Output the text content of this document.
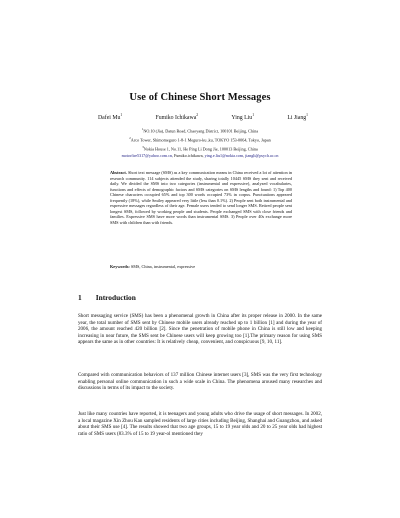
Use of Chinese Short Messages
Dafei Mu$^1$	Fumiko Ichikawa$^2$	Ying Liu$^1$	Li Jiang$^1$
$^1$NO.10 (Jia), Datun Road, Chaoyang District, 100101 Beijing, China
$^2$Arco Tower, Shimomeguro 1-8-1 Meguro-ku ,ku, TOKYO 153-0064, Tokyo, Japan
$^3$Nokia House 1, No.11, He Ping Li Dong Jie, 100013 Beijing, China
motorfire5317@yahoo.com.cn, Fumiko.ichikawa, ying.e.liu1@nokia.com, jiangli@psych.ac.cn
Abstract. Short text message (SMS) as a key communication means in China received a lot of attention in research community. 114 subjects attended the study, sharing totally 10445 SMS they sent and received daily. We divided the SMS into two categories (instrumental and expressive), analyzed vocabularies, functions and effects of demographic factors and SMS categories on SMS lengths and found: 1) Top 400 Chinese characters occupied 65% and top 300 words occupied 73% in corpus. Punctuations appeared frequently (18%), while Smiley appeared very little (less than 0.1%). 2) People sent both instrumental and expressive messages regardless of their age. Female users tended to send longer SMS. Retired people sent longest SMS, followed by working people and students. People exchanged SMS with close friends and families. Expressive SMS have more words than instrumental SMS. 3) People over 40s exchange more SMS with children than with friends.
Keywords: SMS, China, instrumental, expressive
1 Introduction
Short messaging service (SMS) has been a phenomenal growth in China after its proper release in 2000. In the same year, the total number of SMS sent by Chinese mobile users already reached up to 1 billion [1] and during the year of 2006, the amount reached 420 billion [2]. Since the penetration of mobile phone in China is still low and keeping increasing in near future, the SMS sent be Chinese users will keep growing too [1].The primary reason for using SMS appears the same as in other countries: It is relatively cheap, convenient, and conspicuous [9, 10, 11].
Compared with communication behaviors of 137 million Chinese internet users [3], SMS was the very first technology enabling personal online communication in such a wide scale in China. The phenomena aroused many researches and discussions in terms of its impact to the society.
Just like many countries have reported, it is teenagers and young adults who drive the usage of short messages. In 2002, a local magazine Xin Zhou Kan sampled residents of large cities including Beijing, Shanghai and Guangzhou, and asked about their SMS use [4]. The results showed that two age groups, 15 to 19 year olds and 20 to 25 year olds had highest ratio of SMS users (83.3% of 15 to 19 year-ol mentioned they
